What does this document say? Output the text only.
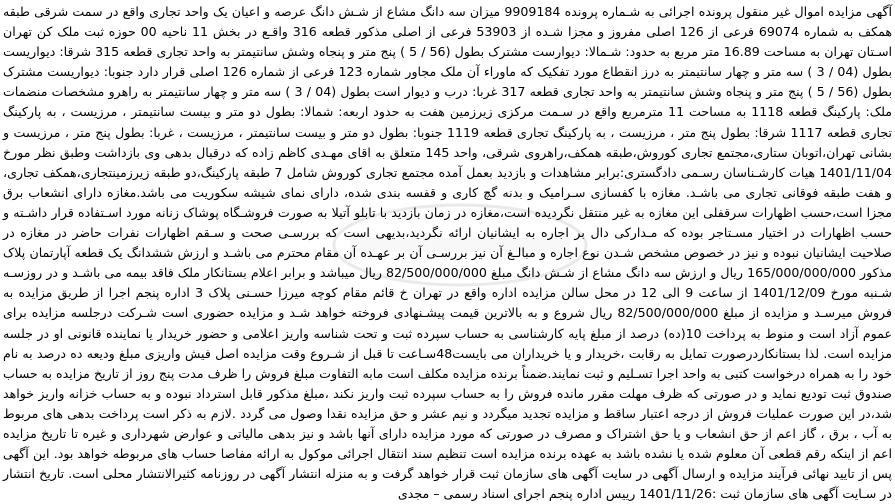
آگهی مزایده اموال غیر منقول پرونده اجرائی به شـماره پرونده 9909184 میزان سه دانگ مشاع از شـش دانگ عرصه و اعیان یک واحد تجاری واقع در سمت شرقی طبقه همکف به شماره 69074 فرعی از 126 اصلی مفروز و مجزا شـده از 53903 فرعی از اصلی مذکور قطعه 316 واقـع در بخش 11 ناحیه 00 حوزه ثبت ملک کن تهران اسـتان تهران به مساحت 16.89 متر مربع به حدود: شـمالا: دیوارست مشترک بطول (56 / 5 ) پنج متر و پنجاه وشش سانتیمتر به واحد تجاری قطعه 315 شرقا: دیواریست بطول (04 / 3 ) سه متر و چهار سانتیمتر به درز انقطاع مورد تفکیک که ماوراء آن ملک مجاور شماره 123 فرعی از شماره 126 اصلی قرار دارد جنوبا: دیواریست مشترک بطول (56 / 5 ) پنج متر و پنجاه وشش سانتیمتر به واحد تجاری قطعه 317 غربا: درب و دیوار است بطول (04 / 3 ) سه متر و چهار سانتیمتر به راهرو مشخصات منضمات ملک: پارکینگ قطعه 1118 به مساحت 11 مترمربع واقع در سـمت مرکزی زیرزمین هفت به حدود اربعه: شمالا: بطول دو متر و بیست سانتیمتر ، مرزیست ، به پارکینگ تجاری قطعه 1117 شرقا: بطول پنج متر ، مرزیست ، به پارکینگ تجاری قطعه 1119 جنوبا: بطول دو متر و بیست سانتیمتر ، مرزیست ، غربا: بطول پنج متر ، مرزیست و بشانی تهران،اتوبان ستاری،مجتمع تجاری کوروش،طبقه همکف،راهروی شرقی، واحد 145 متعلق به اقای مهـدی کاظم زاده که درقبال بدهی وی بازداشت وطبق نظر مورخ 1401/11/04 هیات کارشـناسان رسـمی دادگستری:برابر مشاهدات و بازدید بعمل آمده مجتمع تجاری کوروش شامل 7 طبقه پارکینگ،دو طبقه زیرزمینتجاری،همکف تجاری، و هفت طبقه فوقانی تجاری می باشـد. مغازه با کفسازی سـرامیک و بدنه گچ کاری و قفسه بندی شده، دارای نمای شیشه سکوریت می باشد.مغازه دارای انشعاب برق مجزا است،حسب اظهارات سرقفلی این مغازه به غیر منتقل نگردیده است،مغازه در زمان بازدید با تابلو آتیلا به صورت فروشـگاه پوشاک زنانه مورد اسـتفاده قرار داشـته و حسب اظهارات در اختیار مسـتاجر بوده که مـدارکی دال بر اجاره به ایشانیان ارائه نگردید،بدیهی است که بررسـی صحت و سـقم اظهارات نفرات حاضر در مغازه در صلاحیت ایشانیان نبوده و نیز در خصوص مشخص شـدن نوع اجاره و مبالـغ آن نیز بررسـی آن بر عهـده آن مقام محترم می باشـد و ارزش ششدانگ یک قطعه آپارتمان پلاک مذکور 165/000/000/000 ریال و ارزش سه دانگ مشاع از شـش دانگ مبلغ 82/500/000/000 ریال میباشد و برابر اعلام بستانکار ملک فاقد بیمه می باشـد و در روزسـه شـنبه مورخ 1401/12/09 از ساعت 9 الی 12 در محل سالن مزایده اداره واقع در تهران خ قائم مقام کوچه میرزا حسـنی پلاک 3 اداره پنجم اجرا از طریق مزایده به فروش میرسـد و مزایده از مبلغ 82/500/000/000 ریال شروع و به بالاترین قیمت پیشـنهادی فروخته خواهد شـد و مزایده حضوری است شـرکت درجلسه مزایده برای عموم آزاد است و منوط به پرداخت 10(ده) درصد از مبلغ پایه کارشناسی به حساب سپرده ثبت و تحت شناسه واریز اعلامی و حضور خریدار یا نماینده قانونی او در جلسه مزایده است. لذا بستانکاردرصورت تمایل به رقابت ،خریدار و یا خریداران می بایست48سـاعت تا قبل از شـروع وقت مزایده اصل فیش واریزی مبلغ ودیعه ده درصد به نام خود را به همراه درخواست کتبی به واحد اجرا تسـلیم و ثبت نمایند.ضمناً برنده مزایده مکلف است مابه التفاوت مبلغ فروش را ظرف مدت پنج روز از تاریخ مزایده به حساب صندوق ثبت تودیع نماید و در صورتی که ظرف مهلت مقرر مانده فروش را به حساب سپرده ثبت واریز نکند ،مبلغ مذکور قابل استرداد نبوده و به حساب خزانه واریز خواهد شد،در این صورت عملیات فروش از درجه اعتبار ساقط و مزایده تجدید میگردد و نیم عشر و حق مزایده نقدا وصول می گردد .لازم به ذکر است پرداخت بدهی های مربوط به آب ، برق ، گاز اعم از حق انشعاب و یا حق اشتراک و مصرف در صورتی که مورد مزایده دارای آنها باشد و نیز بدهی مالیاتی و عوارض شهرداری و غیره تا تاریخ مزایده اعم از اینکه رقم قطعی آن معلوم شده یا نشده باشد به عهده برنده مزایده است تنظیم سند انتقال اجرائی موکول به ارائه مفاصا حساب های مربوطه خواهد بود. این آگهی پس از تایید نهائی فرآیند مزایده و ارسال آگهی در سایت آگهی های سازمان ثبت قرار خواهد گرفت و به منزله انتشار آگهی در روزنامه کثیرالانتشار محلی است. تاریخ انتشار در سـایت آگهی های سازمان ثبت :1401/11/26 رییس اداره پنجم اجرای اسناد رسمی – مجدی
